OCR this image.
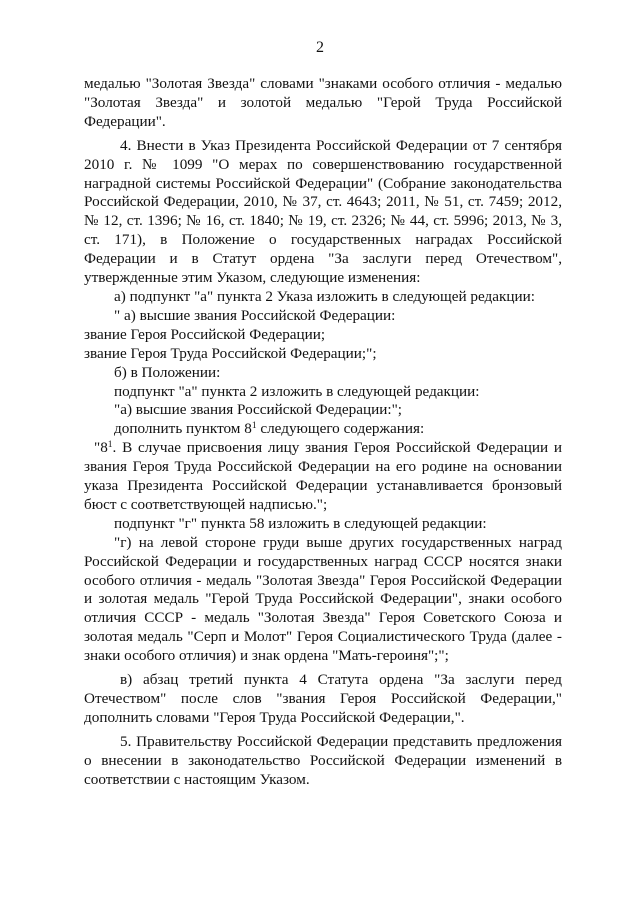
2

медалью "Золотая Звезда" словами "знаками особого отличия - медалью "Золотая Звезда" и золотой медалью "Герой Труда Российской Федерации".

4. Внести в Указ Президента Российской Федерации от 7 сентября 2010 г. № 1099 "О мерах по совершенствованию государственной наградной системы Российской Федерации" (Собрание законодательства Российской Федерации, 2010, № 37, ст. 4643; 2011, № 51, ст. 7459; 2012, № 12, ст. 1396; № 16, ст. 1840; № 19, ст. 2326; № 44, ст. 5996; 2013, № 3, ст. 171), в Положение о государственных наградах Российской Федерации и в Статут ордена "За заслуги перед Отечеством", утвержденные этим Указом, следующие изменения:

а) подпункт "а" пункта 2 Указа изложить в следующей редакции:

" а) высшие звания Российской Федерации:

звание Героя Российской Федерации;

звание Героя Труда Российской Федерации;";

б) в Положении:

подпункт "а" пункта 2 изложить в следующей редакции:

"а) высшие звания Российской Федерации:";

дополнить пунктом $8^1$ следующего содержания:

"$8^1$. В случае присвоения лицу звания Героя Российской Федерации и звания Героя Труда Российской Федерации на его родине на основании указа Президента Российской Федерации устанавливается бронзовый бюст с соответствующей надписью.";

подпункт "г" пункта 58 изложить в следующей редакции:

"г) на левой стороне груди выше других государственных наград Российской Федерации и государственных наград СССР носятся знаки особого отличия - медаль "Золотая Звезда" Героя Российской Федерации и золотая медаль "Герой Труда Российской Федерации", знаки особого отличия СССР - медаль "Золотая Звезда" Героя Советского Союза и золотая медаль "Серп и Молот" Героя Социалистического Труда (далее - знаки особого отличия) и знак ордена "Мать-героиня";";

в) абзац третий пункта 4 Статута ордена "За заслуги перед Отечеством" после слов "звания Героя Российской Федерации," дополнить словами "Героя Труда Российской Федерации,".

5. Правительству Российской Федерации представить предложения о внесении в законодательство Российской Федерации изменений в соответствии с настоящим Указом.
